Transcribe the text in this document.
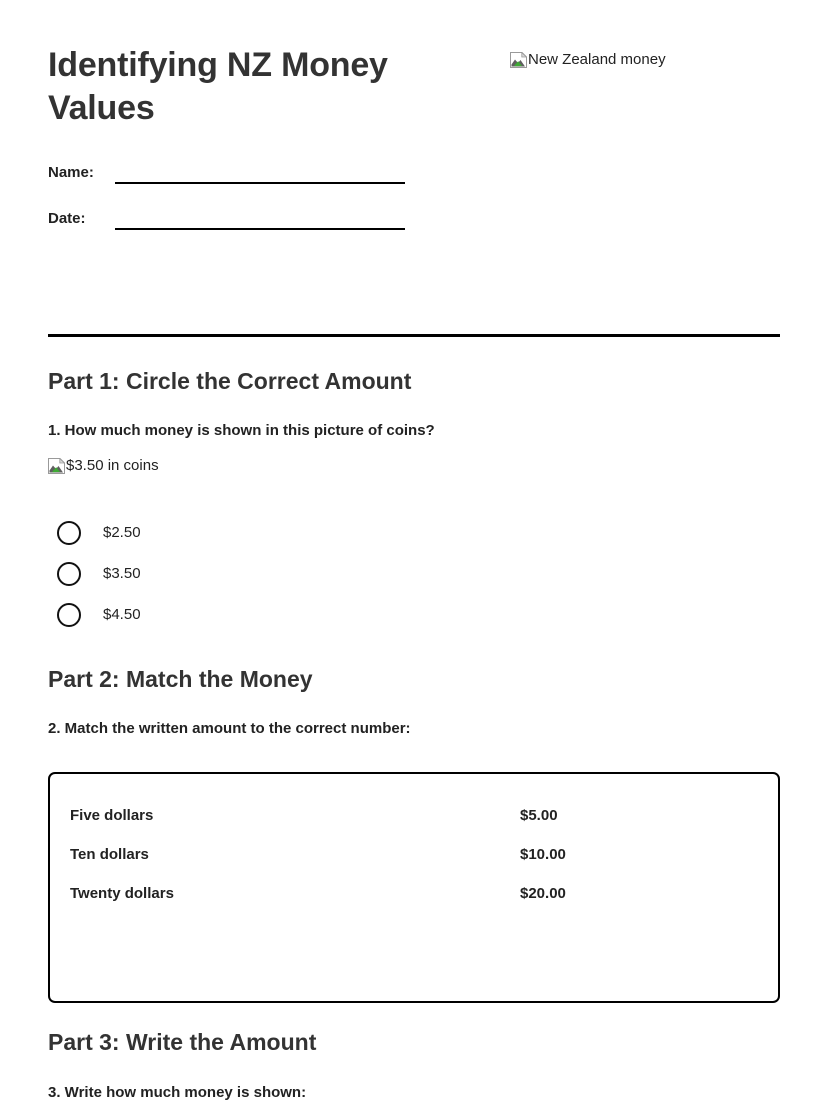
Identifying NZ Money Values
New Zealand money
Name:
Date:
Part 1: Circle the Correct Amount

1. How much money is shown in this picture of coins?

$3.50 in coins
$2.50
$3.50
$4.50
Part 2: Match the Money

2. Match the written amount to the correct number:

Five dollars	$5.00
Ten dollars	$10.00
Twenty dollars	$20.00
Part 3: Write the Amount

3. Write how much money is shown:
